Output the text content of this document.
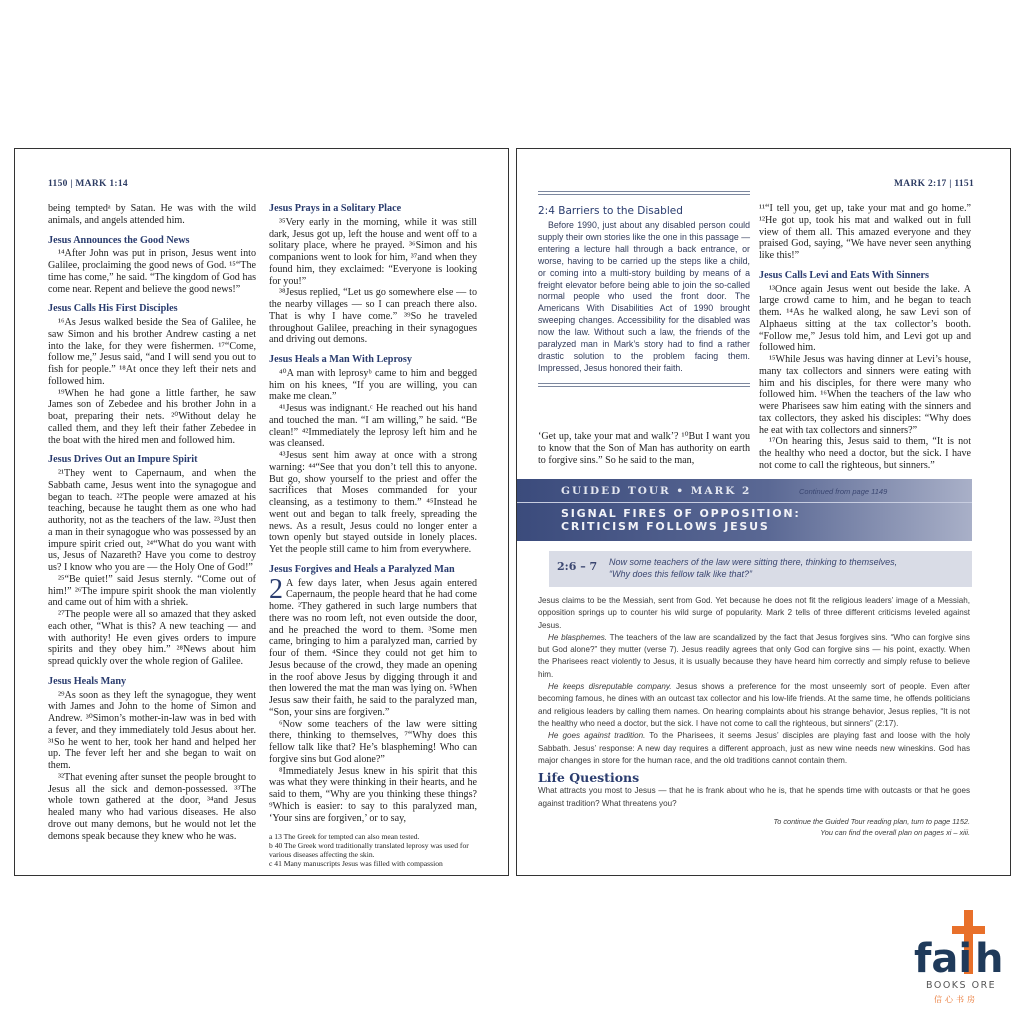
1150 | MARK 1:14

being temptedᵃ by Satan. He was with the wild animals, and angels attended him.

Jesus Announces the Good News

¹⁴After John was put in prison, Jesus went into Galilee, proclaiming the good news of God. ¹⁵“The time has come,” he said. “The kingdom of God has come near. Repent and believe the good news!”

Jesus Calls His First Disciples

¹⁶As Jesus walked beside the Sea of Galilee, he saw Simon and his brother Andrew casting a net into the lake, for they were fishermen. ¹⁷“Come, follow me,” Jesus said, “and I will send you out to fish for people.” ¹⁸At once they left their nets and followed him.

¹⁹When he had gone a little farther, he saw James son of Zebedee and his brother John in a boat, preparing their nets. ²⁰Without delay he called them, and they left their father Zebedee in the boat with the hired men and followed him.

Jesus Drives Out an Impure Spirit

²¹They went to Capernaum, and when the Sabbath came, Jesus went into the synagogue and began to teach. ²²The people were amazed at his teaching, because he taught them as one who had authority, not as the teachers of the law. ²³Just then a man in their synagogue who was possessed by an impure spirit cried out, ²⁴“What do you want with us, Jesus of Nazareth? Have you come to destroy us? I know who you are — the Holy One of God!”

²⁵“Be quiet!” said Jesus sternly. “Come out of him!” ²⁶The impure spirit shook the man violently and came out of him with a shriek.

²⁷The people were all so amazed that they asked each other, “What is this? A new teaching — and with authority! He even gives orders to impure spirits and they obey him.” ²⁸News about him spread quickly over the whole region of Galilee.

Jesus Heals Many

²⁹As soon as they left the synagogue, they went with James and John to the home of Simon and Andrew. ³⁰Simon’s mother-in-law was in bed with a fever, and they immediately told Jesus about her. ³¹So he went to her, took her hand and helped her up. The fever left her and she began to wait on them.

³²That evening after sunset the people brought to Jesus all the sick and demon-possessed. ³³The whole town gathered at the door, ³⁴and Jesus healed many who had various diseases. He also drove out many demons, but he would not let the demons speak because they knew who he was.

Jesus Prays in a Solitary Place

³⁵Very early in the morning, while it was still dark, Jesus got up, left the house and went off to a solitary place, where he prayed. ³⁶Simon and his companions went to look for him, ³⁷and when they found him, they exclaimed: “Everyone is looking for you!”

³⁸Jesus replied, “Let us go somewhere else — to the nearby villages — so I can preach there also. That is why I have come.” ³⁹So he traveled throughout Galilee, preaching in their synagogues and driving out demons.

Jesus Heals a Man With Leprosy

⁴⁰A man with leprosyᵇ came to him and begged him on his knees, “If you are willing, you can make me clean.”

⁴¹Jesus was indignant.ᶜ He reached out his hand and touched the man. “I am willing,” he said. “Be clean!” ⁴²Immediately the leprosy left him and he was cleansed.

⁴³Jesus sent him away at once with a strong warning: ⁴⁴“See that you don’t tell this to anyone. But go, show yourself to the priest and offer the sacrifices that Moses commanded for your cleansing, as a testimony to them.” ⁴⁵Instead he went out and began to talk freely, spreading the news. As a result, Jesus could no longer enter a town openly but stayed outside in lonely places. Yet the people still came to him from everywhere.

Jesus Forgives and Heals a Paralyzed Man

2 A few days later, when Jesus again entered Capernaum, the people heard that he had come home. ²They gathered in such large numbers that there was no room left, not even outside the door, and he preached the word to them. ³Some men came, bringing to him a paralyzed man, carried by four of them. ⁴Since they could not get him to Jesus because of the crowd, they made an opening in the roof above Jesus by digging through it and then lowered the mat the man was lying on. ⁵When Jesus saw their faith, he said to the paralyzed man, “Son, your sins are forgiven.”

⁶Now some teachers of the law were sitting there, thinking to themselves, ⁷“Why does this fellow talk like that? He’s blaspheming! Who can forgive sins but God alone?”

⁸Immediately Jesus knew in his spirit that this was what they were thinking in their hearts, and he said to them, “Why are you thinking these things? ⁹Which is easier: to say to this paralyzed man, ‘Your sins are forgiven,’ or to say,

a 13 The Greek for tempted can also mean tested.
b 40 The Greek word traditionally translated leprosy was used for various diseases affecting the skin.
c 41 Many manuscripts Jesus was filled with compassion
MARK 2:17 | 1151
2:4 Barriers to the Disabled

Before 1990, just about any disabled person could supply their own stories like the one in this passage — entering a lecture hall through a back entrance, or worse, having to be carried up the steps like a child, or coming into a multi-story building by means of a freight elevator before being able to join the so-called normal people who used the front door. The Americans With Disabilities Act of 1990 brought sweeping changes. Accessibility for the disabled was now the law. Without such a law, the friends of the paralyzed man in Mark’s story had to find a rather drastic solution to the problem facing them. Impressed, Jesus honored their faith.

‘Get up, take your mat and walk’? ¹⁰But I want you to know that the Son of Man has authority on earth to forgive sins.” So he said to the man,

¹¹“I tell you, get up, take your mat and go home.” ¹²He got up, took his mat and walked out in full view of them all. This amazed everyone and they praised God, saying, “We have never seen anything like this!”

Jesus Calls Levi and Eats With Sinners

¹³Once again Jesus went out beside the lake. A large crowd came to him, and he began to teach them. ¹⁴As he walked along, he saw Levi son of Alphaeus sitting at the tax collector’s booth. “Follow me,” Jesus told him, and Levi got up and followed him.

¹⁵While Jesus was having dinner at Levi’s house, many tax collectors and sinners were eating with him and his disciples, for there were many who followed him. ¹⁶When the teachers of the law who were Pharisees saw him eating with the sinners and tax collectors, they asked his disciples: “Why does he eat with tax collectors and sinners?”

¹⁷On hearing this, Jesus said to them, “It is not the healthy who need a doctor, but the sick. I have not come to call the righteous, but sinners.”

GUIDED TOUR • MARK 2	Continued from page 1149
SIGNAL FIRES OF OPPOSITION:
CRITICISM FOLLOWS JESUS
2:6 – 7 Now some teachers of the law were sitting there, thinking to themselves,
“Why does this fellow talk like that?”

Jesus claims to be the Messiah, sent from God. Yet because he does not fit the religious leaders’ image of a Messiah, opposition springs up to counter his wild surge of popularity. Mark 2 tells of three different criticisms leveled against Jesus.

He blasphemes. The teachers of the law are scandalized by the fact that Jesus forgives sins. “Who can forgive sins but God alone?” they mutter (verse 7). Jesus readily agrees that only God can forgive sins — his point, exactly. When the Pharisees react violently to Jesus, it is usually because they have heard him correctly and simply refuse to believe him.

He keeps disreputable company. Jesus shows a preference for the most unseemly sort of people. Even after becoming famous, he dines with an outcast tax collector and his low-life friends. At the same time, he offends politicians and religious leaders by calling them names. On hearing complaints about his strange behavior, Jesus replies, “It is not the healthy who need a doctor, but the sick. I have not come to call the righteous, but sinners” (2:17).

He goes against tradition. To the Pharisees, it seems Jesus’ disciples are playing fast and loose with the holy Sabbath. Jesus’ response: A new day requires a different approach, just as new wine needs new wineskins. God has major changes in store for the human race, and the old traditions cannot contain them.

Life Questions

What attracts you most to Jesus — that he is frank about who he is, that he spends time with outcasts or that he goes against tradition? What threatens you?

To continue the Guided Tour reading plan, turn to page 1152.
You can find the overall plan on pages xi – xiii.
fai h
BOOKS ORE
信心书房
